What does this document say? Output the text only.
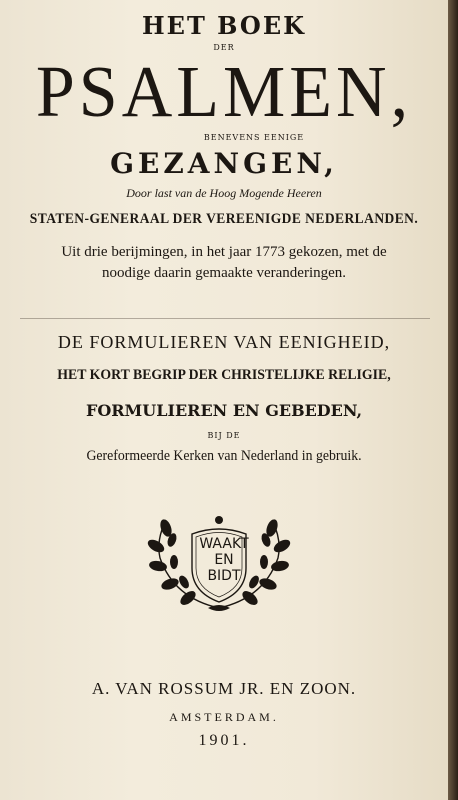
HET BOEK
DER
PSALMEN,
BENEVENS EENIGE
GEZANGEN,
Door last van de Hoog Mogende Heeren
STATEN-GENERAAL DER VEREENIGDE NEDERLANDEN.
Uit drie berijmingen, in het jaar 1773 gekozen, met de
noodige daarin gemaakte veranderingen.
DE FORMULIEREN VAN EENIGHEID,
HET KORT BEGRIP DER CHRISTELIJKE RELIGIE,
FORMULIEREN EN GEBEDEN,
BIJ DE
Gereformeerde Kerken van Nederland in gebruik.
WAAKT
EN
BIDT
A. VAN ROSSUM JR. EN ZOON.
AMSTERDAM.
1901.
